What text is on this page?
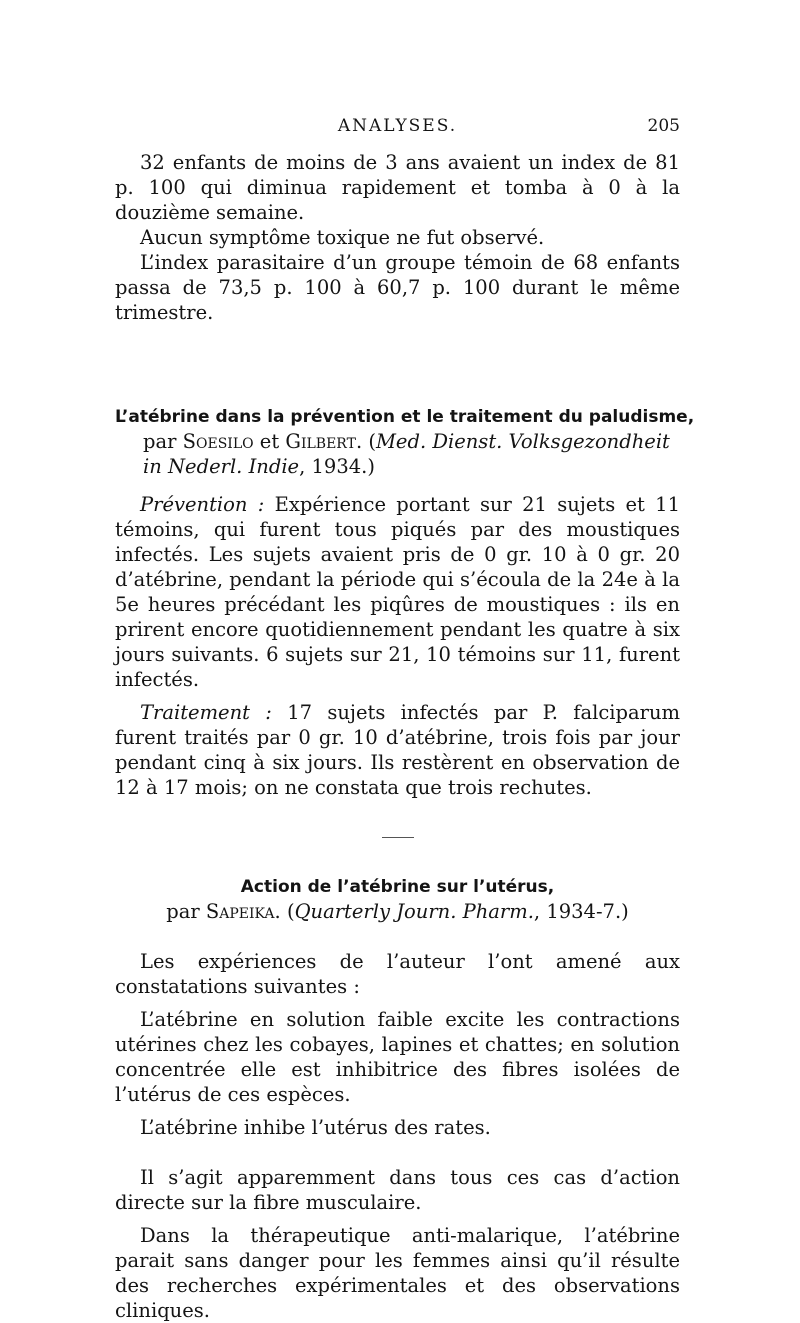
ANALYSES.	205

32 enfants de moins de 3 ans avaient un index de 81 p. 100 qui diminua rapidement et tomba à 0 à la douzième semaine.

Aucun symptôme toxique ne fut observé.

L’index parasitaire d’un groupe témoin de 68 enfants passa de 73,5 p. 100 à 60,7 p. 100 durant le même trimestre.

L’atébrine dans la prévention et le traitement du paludisme,

par Soesilo et Gilbert. (Med. Dienst. Volksgezondheit in Nederl. Indie, 1934.)

Prévention : Expérience portant sur 21 sujets et 11 témoins, qui furent tous piqués par des moustiques infectés. Les sujets avaient pris de 0 gr. 10 à 0 gr. 20 d’atébrine, pendant la période qui s’écoula de la 24e à la 5e heures précédant les piqûres de moustiques : ils en prirent encore quotidiennement pendant les quatre à six jours suivants. 6 sujets sur 21, 10 témoins sur 11, furent infectés.

Traitement : 17 sujets infectés par P. falciparum furent traités par 0 gr. 10 d’atébrine, trois fois par jour pendant cinq à six jours. Ils restèrent en observation de 12 à 17 mois; on ne constata que trois rechutes.

Action de l’atébrine sur l’utérus,

par Sapeika. (Quarterly Journ. Pharm., 1934-7.)

Les expériences de l’auteur l’ont amené aux constatations suivantes :

L’atébrine en solution faible excite les contractions utérines chez les cobayes, lapines et chattes; en solution concentrée elle est inhibitrice des fibres isolées de l’utérus de ces espèces.

L’atébrine inhibe l’utérus des rates.

Il s’agit apparemment dans tous ces cas d’action directe sur la fibre musculaire.

Dans la thérapeutique anti-malarique, l’atébrine parait sans danger pour les femmes ainsi qu’il résulte des recherches expérimentales et des observations cliniques.
